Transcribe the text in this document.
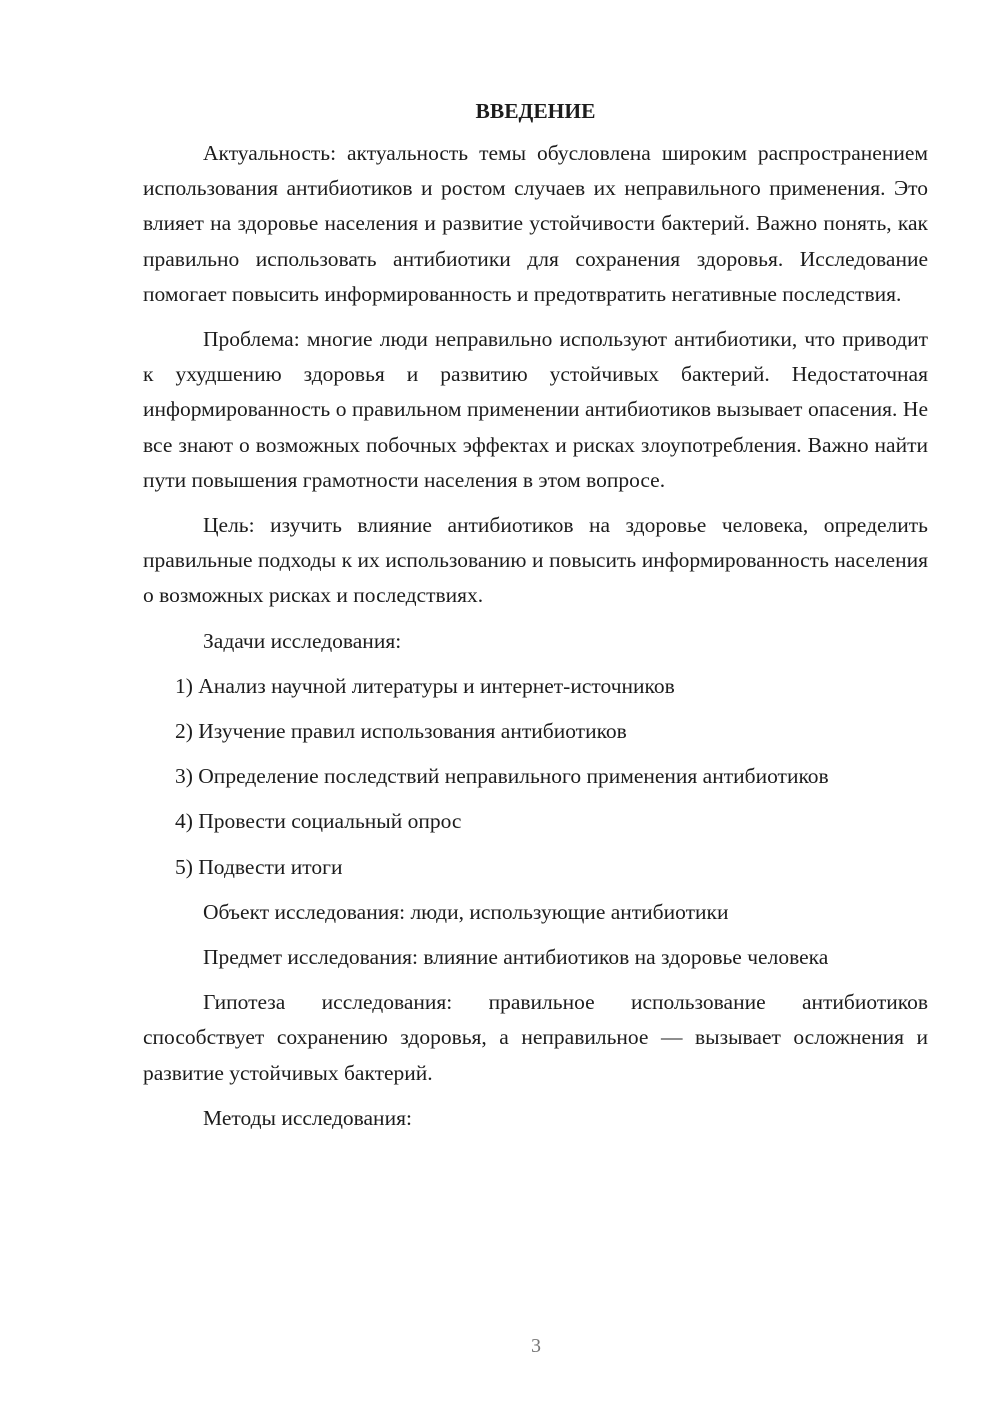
ВВЕДЕНИЕ

Актуальность: актуальность темы обусловлена широким распространением использования антибиотиков и ростом случаев их неправильного применения. Это влияет на здоровье населения и развитие устойчивости бактерий. Важно понять, как правильно использовать антибиотики для сохранения здоровья. Исследование помогает повысить информированность и предотвратить негативные последствия.

Проблема: многие люди неправильно используют антибиотики, что приводит к ухудшению здоровья и развитию устойчивых бактерий. Недостаточная информированность о правильном применении антибиотиков вызывает опасения. Не все знают о возможных побочных эффектах и рисках злоупотребления. Важно найти пути повышения грамотности населения в этом вопросе.

Цель: изучить влияние антибиотиков на здоровье человека, определить правильные подходы к их использованию и повысить информированность населения о возможных рисках и последствиях.

Задачи исследования:

1) Анализ научной литературы и интернет-источников

2) Изучение правил использования антибиотиков

3) Определение последствий неправильного применения антибиотиков

4) Провести социальный опрос

5) Подвести итоги

Объект исследования: люди, использующие антибиотики

Предмет исследования: влияние антибиотиков на здоровье человека

Гипотеза исследования: правильное использование антибиотиков способствует сохранению здоровья, а неправильное — вызывает осложнения и развитие устойчивых бактерий.

Методы исследования:

3
